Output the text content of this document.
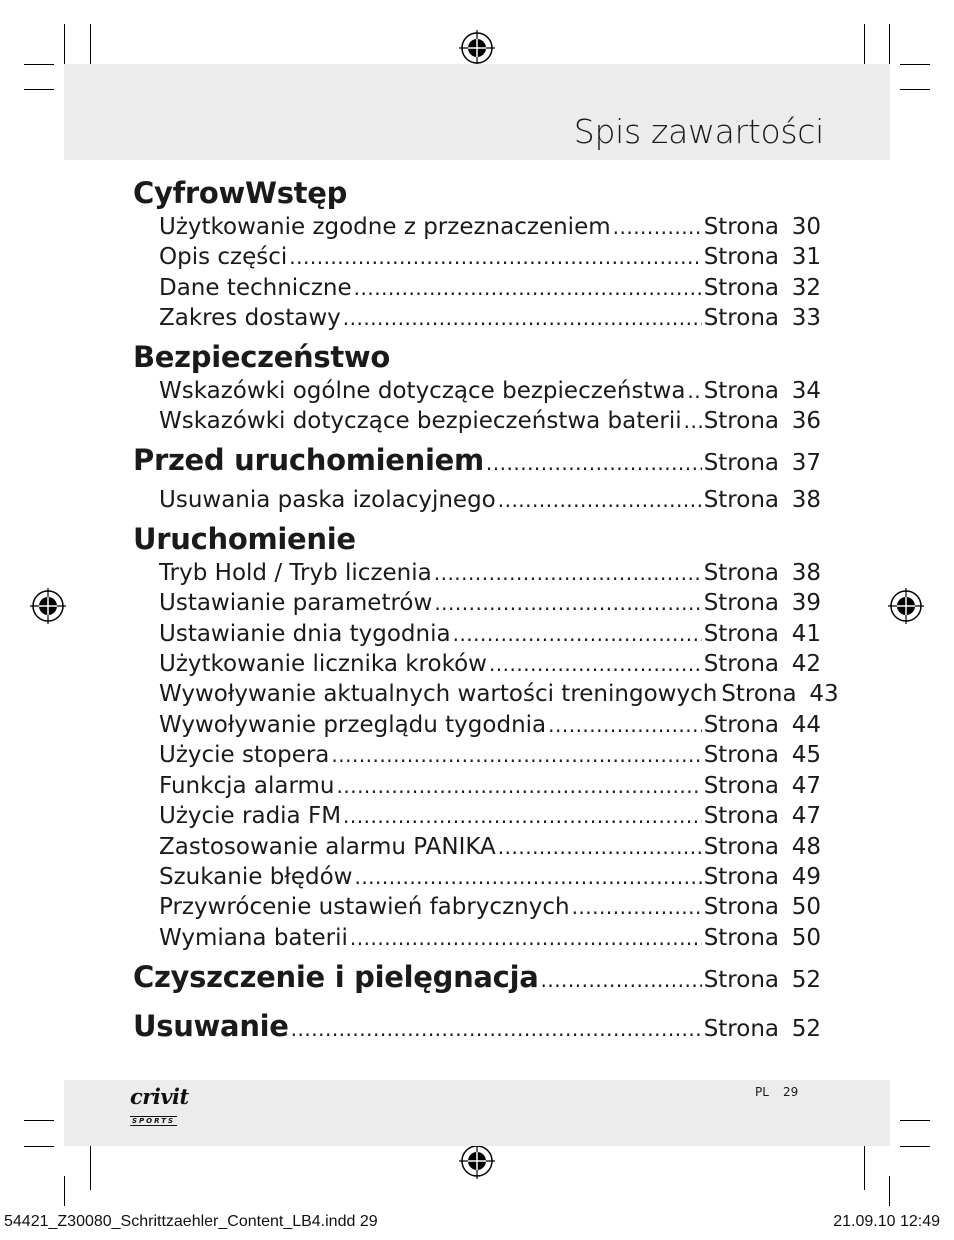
Spis zawartości
CyfrowWstęp
Użytkowanie zgodne z przeznaczeniem .....	Strona 30
Opis części .....	Strona 31
Dane techniczne .....	Strona 32
Zakres dostawy .....	Strona 33
Bezpieczeństwo
Wskazówki ogólne dotyczące bezpieczeństwa ..... Strona 34
Wskazówki dotyczące bezpieczeństwa baterii ..... Strona 36
Przed uruchomieniem .....	Strona 37
Usuwania paska izolacyjnego .....	Strona 38
Uruchomienie
Tryb Hold / Tryb liczenia .....	Strona 38
Ustawianie parametrów .....	Strona 39
Ustawianie dnia tygodnia .....	Strona 41
Użytkowanie licznika kroków .....	Strona 42
Wywoływanie aktualnych wartości treningowych Strona 43
Wywoływanie przeglądu tygodnia .....	Strona 44
Użycie stopera .....	Strona 45
Funkcja alarmu .....	Strona 47
Użycie radia FM .....	Strona 47
Zastosowanie alarmu PANIKA .....	Strona 48
Szukanie błędów .....	Strona 49
Przywrócenie ustawień fabrycznych .....	Strona 50
Wymiana baterii .....	Strona 50
Czyszczenie i pielęgnacja .....	Strona 52
Usuwanie .....	Strona 52
crivit
SPORTS
PL 29
54421_Z30080_Schrittzaehler_Content_LB4.indd 29	21.09.10 12:49
